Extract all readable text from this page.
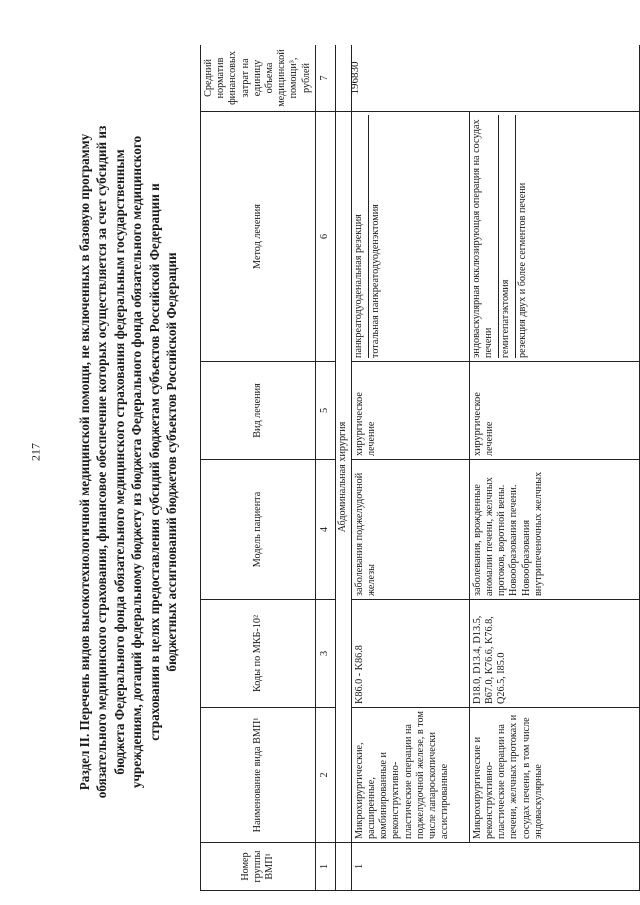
217	Раздел II. Перечень видов высокотехнологичной медицинской помощи, не включенных в базовую программу обязательного медицинского страхования, финансовое обеспечение которых осуществляется за счет субсидий из бюджета Федерального фонда обязательного медицинского страхования федеральным государственным учреждениям, дотаций федеральному бюджету из бюджета Федерального фонда обязательного медицинского страхования в целях предоставления субсидий бюджетам субъектов Российской Федерации и бюджетных ассигнований бюджетов субъектов Российской Федерации
Номер группы ВМП¹	Наименование вида ВМП¹	Коды по МКБ-10²	Модель пациента	Вид лечения	Метод лечения	Средний норматив финансовых затрат на единицу объема медицинской помощи³, рублей
1	2	3	4	5	6	7
	Абдоминальная хирургия					
1	Микрохирургические, расширенные, комбинированные и реконструктивно-пластические операции на поджелудочной железе, в том числе лапароскопически ассистированные	K86.0 - K86.8	заболевания поджелудочной железы	хирургическое лечение	панкреатодуоденальная резекция тотальная панкреатодуоденэктомия	196830

	Микрохирургические и реконструктивно-пластические операции на печени, желчных протоках и сосудах печени, в том числе эндоваскулярные	D18.0, D13.4, D13.5, B67.0, K76.6, K76.8, Q26.5, I85.0	заболевания, врожденные аномалии печени, желчных протоков, воротной вены. Новообразования печени. Новообразования внутрипеченочных желчных	хирургическое лечение	эндоваскулярная окклюзирующая операция на сосудах печени гемигепатэктомия резекция двух и более сегментов печени	
